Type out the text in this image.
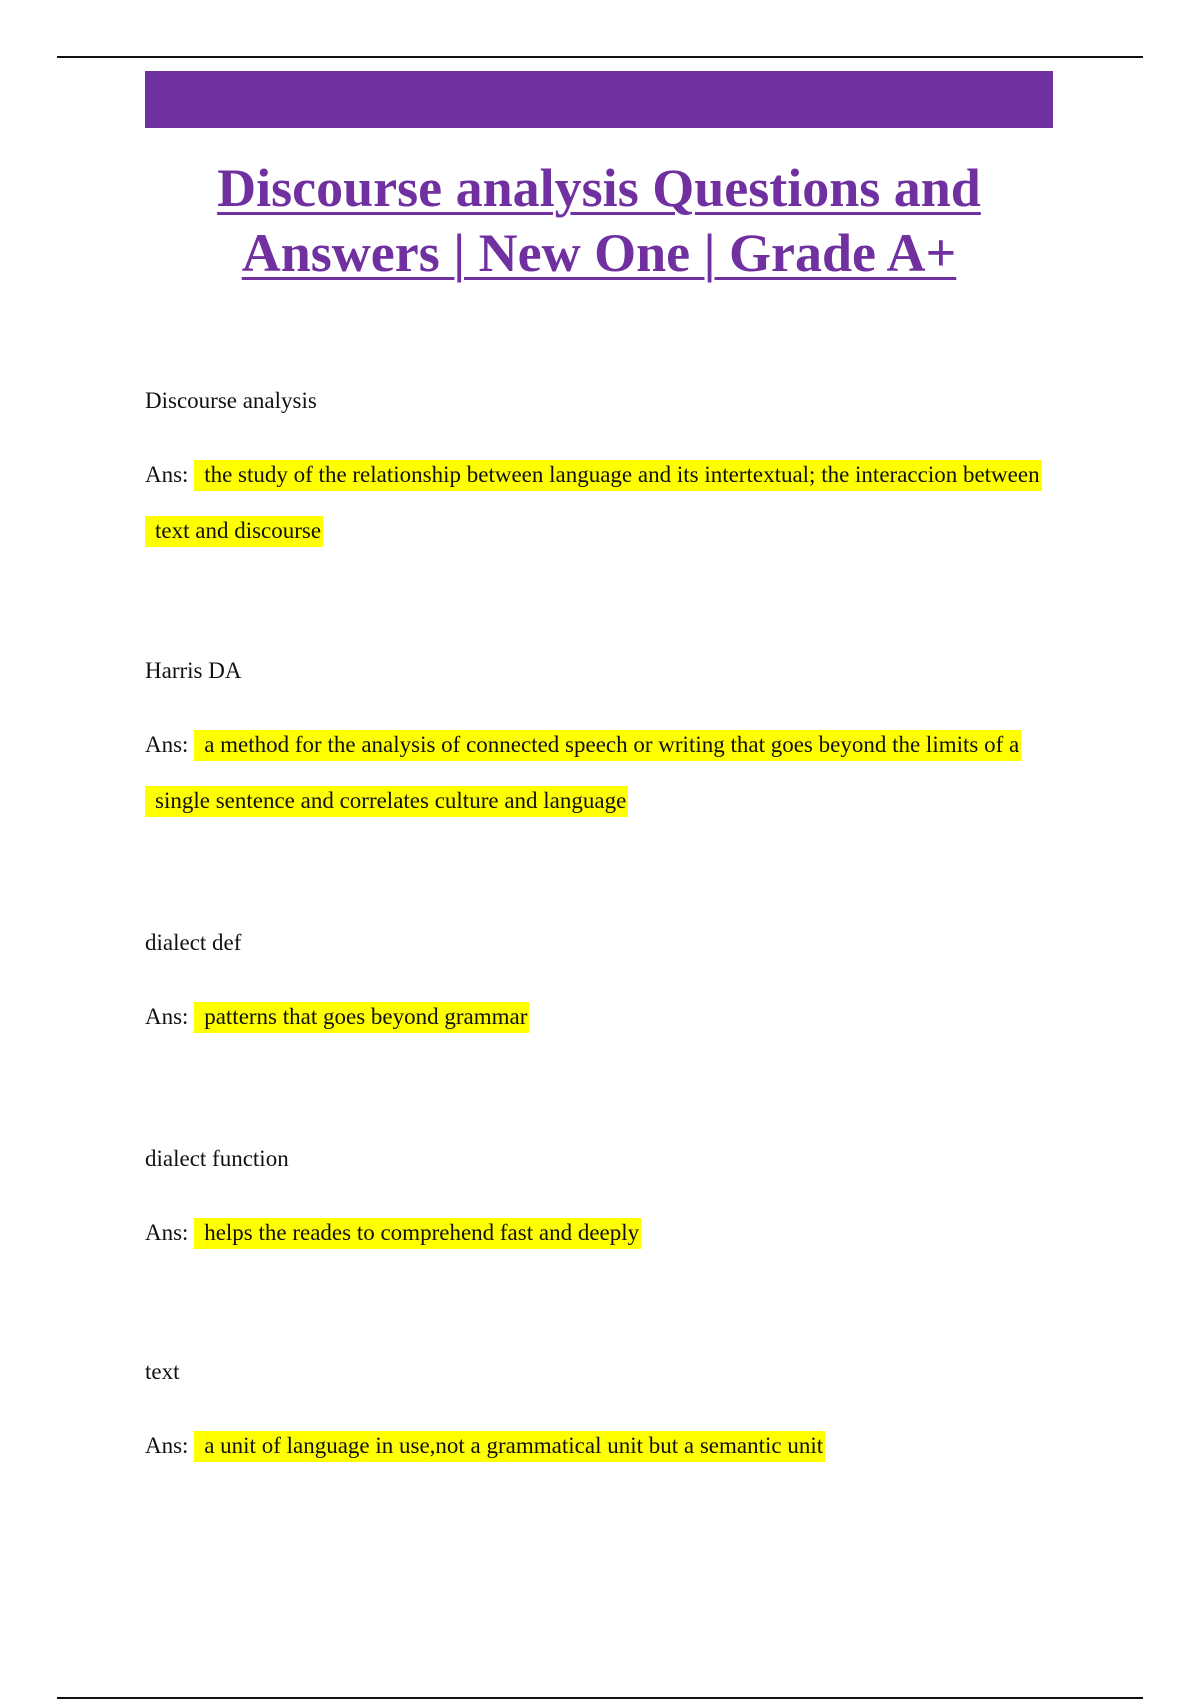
Discourse analysis Questions and Answers | New One | Grade A+

Discourse analysis

Ans: the study of the relationship between language and its intertextual; the interaccion between text and discourse

Harris DA

Ans: a method for the analysis of connected speech or writing that goes beyond the limits of a single sentence and correlates culture and language

dialect def

Ans: patterns that goes beyond grammar

dialect function

Ans: helps the reades to comprehend fast and deeply

text

Ans: a unit of language in use,not a grammatical unit but a semantic unit
